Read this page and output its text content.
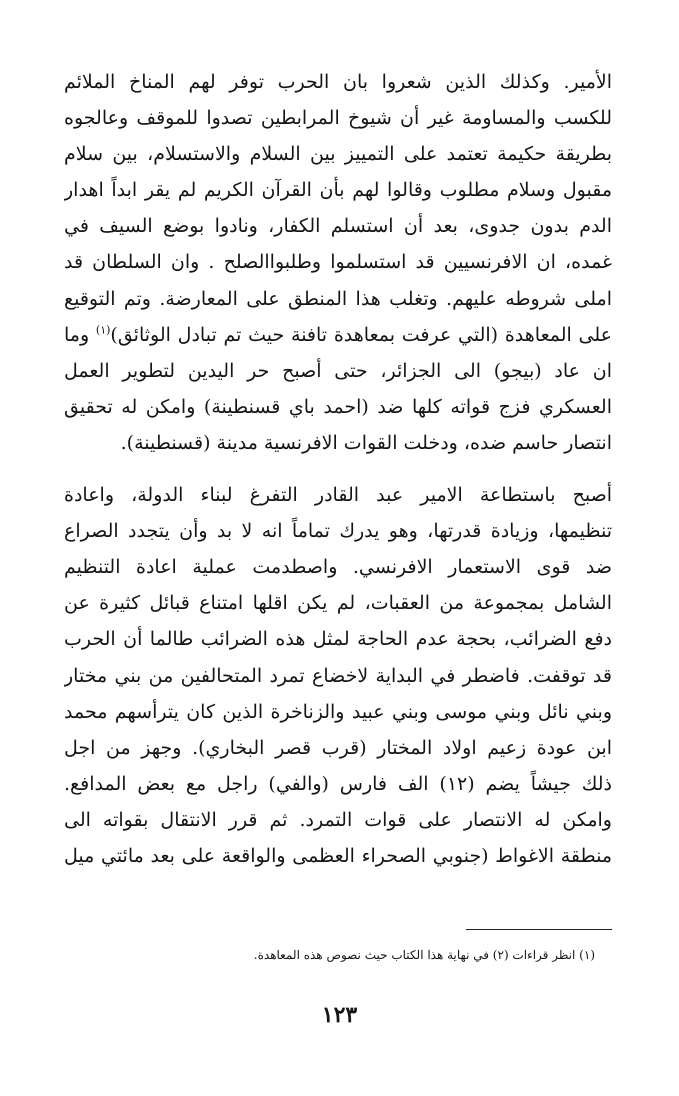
الأمير. وكذلك الذين شعروا بان الحرب توفر لهم المناخ الملائم
للكسب والمساومة غير أن شيوخ المرابطين تصدوا للموقف وعالجوه
بطريقة حكيمة تعتمد على التمييز بين السلام والاستسلام، بين سلام
مقبول وسلام مطلوب وقالوا لهم بأن القرآن الكريم لم يقر ابداً اهدار
الدم بدون جدوى، بعد أن استسلم الكفار، ونادوا بوضع السيف في
غمده، ان الافرنسيين قد استسلموا وطلبواالصلح . وان السلطان قد
املى شروطه عليهم. وتغلب هذا المنطق على المعارضة. وتم التوقيع
على المعاهدة (التي عرفت بمعاهدة تافنة حيث تم تبادل الوثائق)$^{(١)}$ وما
ان عاد (بيجو) الى الجزائر، حتى أصبح حر اليدين لتطوير العمل
العسكري فزج قواته كلها ضد (احمد باي قسنطينة) وامكن له تحقيق
انتصار حاسم ضده، ودخلت القوات الافرنسية مدينة (قسنطينة).
أصبح باستطاعة الامير عبد القادر التفرغ لبناء الدولة، واعادة
تنظيمها، وزيادة قدرتها، وهو يدرك تماماً انه لا بد وأن يتجدد الصراع
ضد قوى الاستعمار الافرنسي. واصطدمت عملية اعادة التنظيم
الشامل بمجموعة من العقبات، لم يكن اقلها امتناع قبائل كثيرة عن
دفع الضرائب، بحجة عدم الحاجة لمثل هذه الضرائب طالما أن الحرب
قد توقفت. فاضطر في البداية لاخضاع تمرد المتحالفين من بني مختار
وبني نائل وبني موسى وبني عبيد والزناخرة الذين كان يترأسهم محمد
ابن عودة زعيم اولاد المختار (قرب قصر البخاري). وجهز من اجل
ذلك جيشاً يضم (١٢) الف فارس (والفي) راجل مع بعض المدافع.
وامكن له الانتصار على قوات التمرد. ثم قرر الانتقال بقواته الى
منطقة الاغواط (جنوبي الصحراء العظمى والواقعة على بعد مائتي ميل
(١) انظر قراءات (٢) في نهاية هذا الكتاب حيث نصوص هذه المعاهدة.
١٢٣
